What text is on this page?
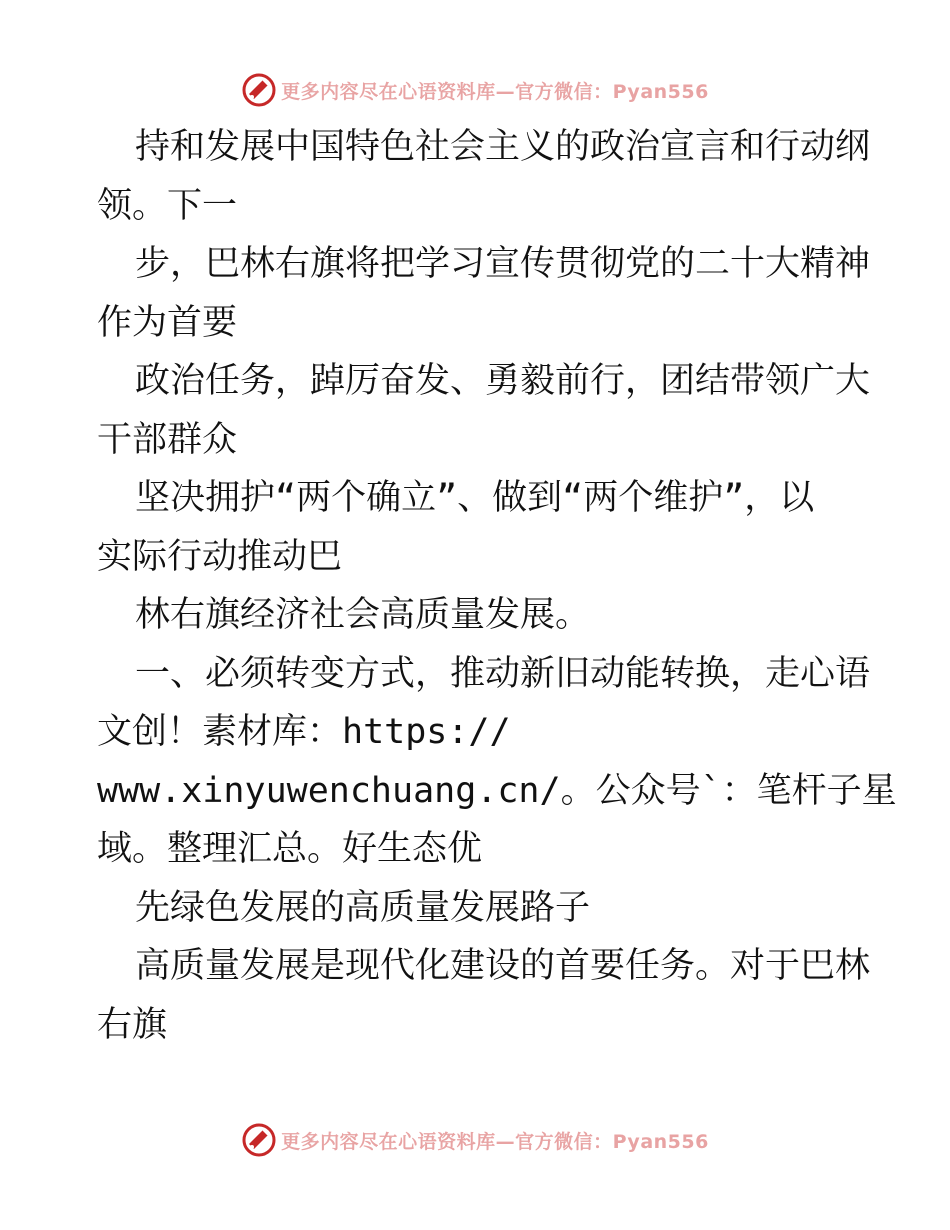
更多内容尽在心语资料库—官方微信：Pyan556
持和发展中国特色社会主义的政治宣言和行动纲
领。下一
步，巴林右旗将把学习宣传贯彻党的二十大精神
作为首要
政治任务，踔厉奋发、勇毅前行，团结带领广大
干部群众
坚决拥护“两个确立”、做到“两个维护”，以
实际行动推动巴
林右旗经济社会高质量发展。
一、必须转变方式，推动新旧动能转换，走心语
文创！素材库：https://
www.xinyuwenchuang.cn/。公众号`：笔杆子星
域。整理汇总。好生态优
先绿色发展的高质量发展路子
高质量发展是现代化建设的首要任务。对于巴林
右旗
更多内容尽在心语资料库—官方微信：Pyan556
